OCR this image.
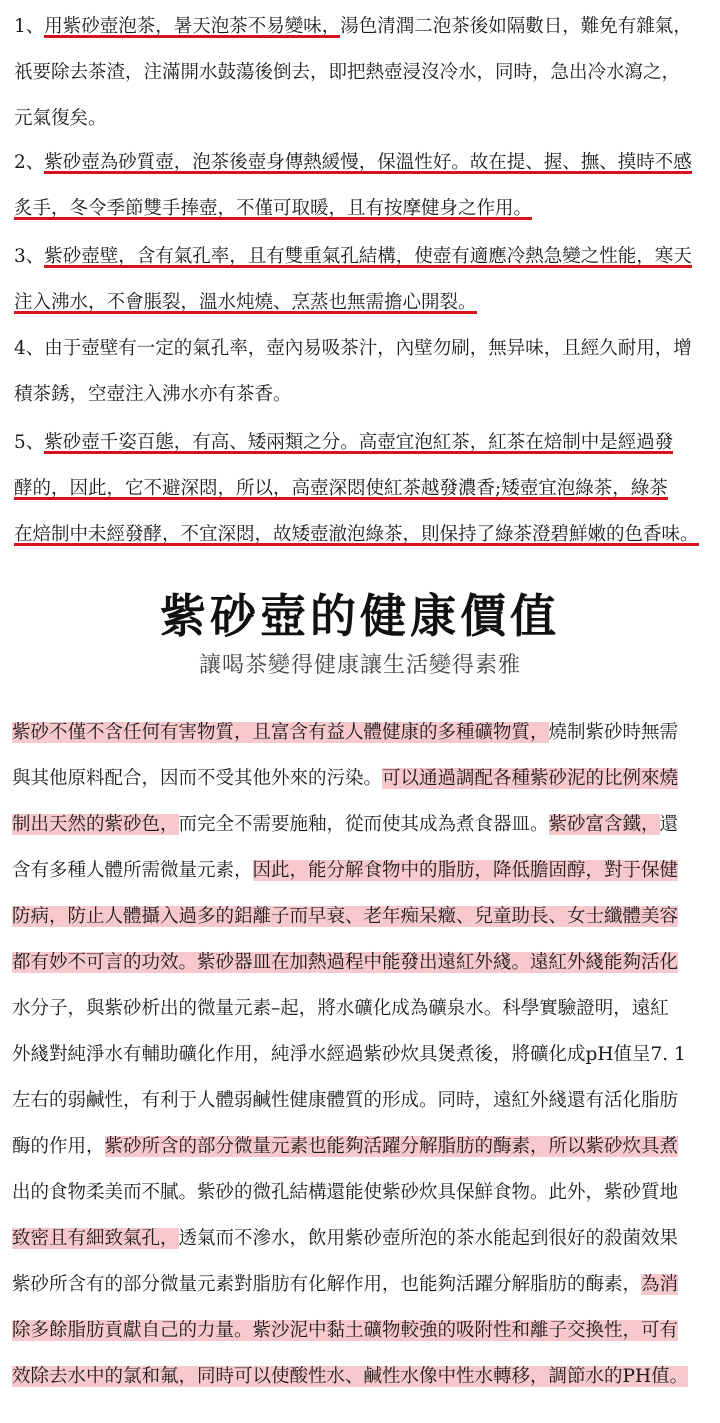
1、用紫砂壺泡茶，暑天泡茶不易變味，湯色清潤二泡茶後如隔數日，難免有雜氣，
祇要除去茶渣，注滿開水鼓蕩後倒去，即把熱壺浸沒冷水，同時，急出冷水瀉之，
元氣復矣。
2、紫砂壺為砂質壺，泡茶後壺身傳熱緩慢，保溫性好。故在提、握、撫、摸時不感
炙手，冬令季節雙手捧壺，不僅可取暖，且有按摩健身之作用。
3、紫砂壺壁，含有氣孔率，且有雙重氣孔結構，使壺有適應冷熱急變之性能，寒天
注入沸水，不會脹裂，溫水炖燒、烹蒸也無需擔心開裂。
4、由于壺壁有一定的氣孔率，壺內易吸茶汁，內壁勿刷，無异味，且經久耐用，增
積茶銹，空壺注入沸水亦有茶香。
5、紫砂壺千姿百態，有高、矮兩類之分。高壺宜泡紅茶，紅茶在焙制中是經過發
酵的，因此，它不避深悶，所以，高壺深悶使紅茶越發濃香;矮壺宜泡綠茶，綠茶
在焙制中未經發酵，不宜深悶，故矮壺澈泡綠茶，則保持了綠茶澄碧鮮嫩的色香味。
紫砂壺的健康價值
讓喝茶變得健康讓生活變得素雅
紫砂不僅不含任何有害物質，且富含有益人體健康的多種礦物質，燒制紫砂時無需
與其他原料配合，因而不受其他外來的污染。可以通過調配各種紫砂泥的比例來燒
制出天然的紫砂色，而完全不需要施釉，從而使其成為煮食器皿。紫砂富含鐵，還
含有多種人體所需微量元素，因此，能分解食物中的脂肪，降低膽固醇，對于保健
防病，防止人體攝入過多的鋁離子而早衰、老年痴呆癥、兒童助長、女士纖體美容
都有妙不可言的功效。紫砂器皿在加熱過程中能發出遠紅外綫。遠紅外綫能夠活化
水分子，與紫砂析出的微量元素–起，將水礦化成為礦泉水。科學實驗證明，遠紅
外綫對純淨水有輔助礦化作用，純淨水經過紫砂炊具煲煮後，將礦化成pH值呈7. 1
左右的弱鹹性，有利于人體弱鹹性健康體質的形成。同時，遠紅外綫還有活化脂肪
酶的作用，紫砂所含的部分微量元素也能夠活躍分解脂肪的酶素，所以紫砂炊具煮
出的食物柔美而不膩。紫砂的微孔結構還能使紫砂炊具保鮮食物。此外，紫砂質地
致密且有細致氣孔，透氣而不滲水，飲用紫砂壺所泡的茶水能起到很好的殺菌效果
紫砂所含有的部分微量元素對脂肪有化解作用，也能夠活躍分解脂肪的酶素，為消
除多餘脂肪貢獻自己的力量。紫沙泥中黏土礦物較強的吸附性和離子交換性，可有
效除去水中的氯和氟，同時可以使酸性水、鹹性水像中性水轉移，調節水的PH值。
